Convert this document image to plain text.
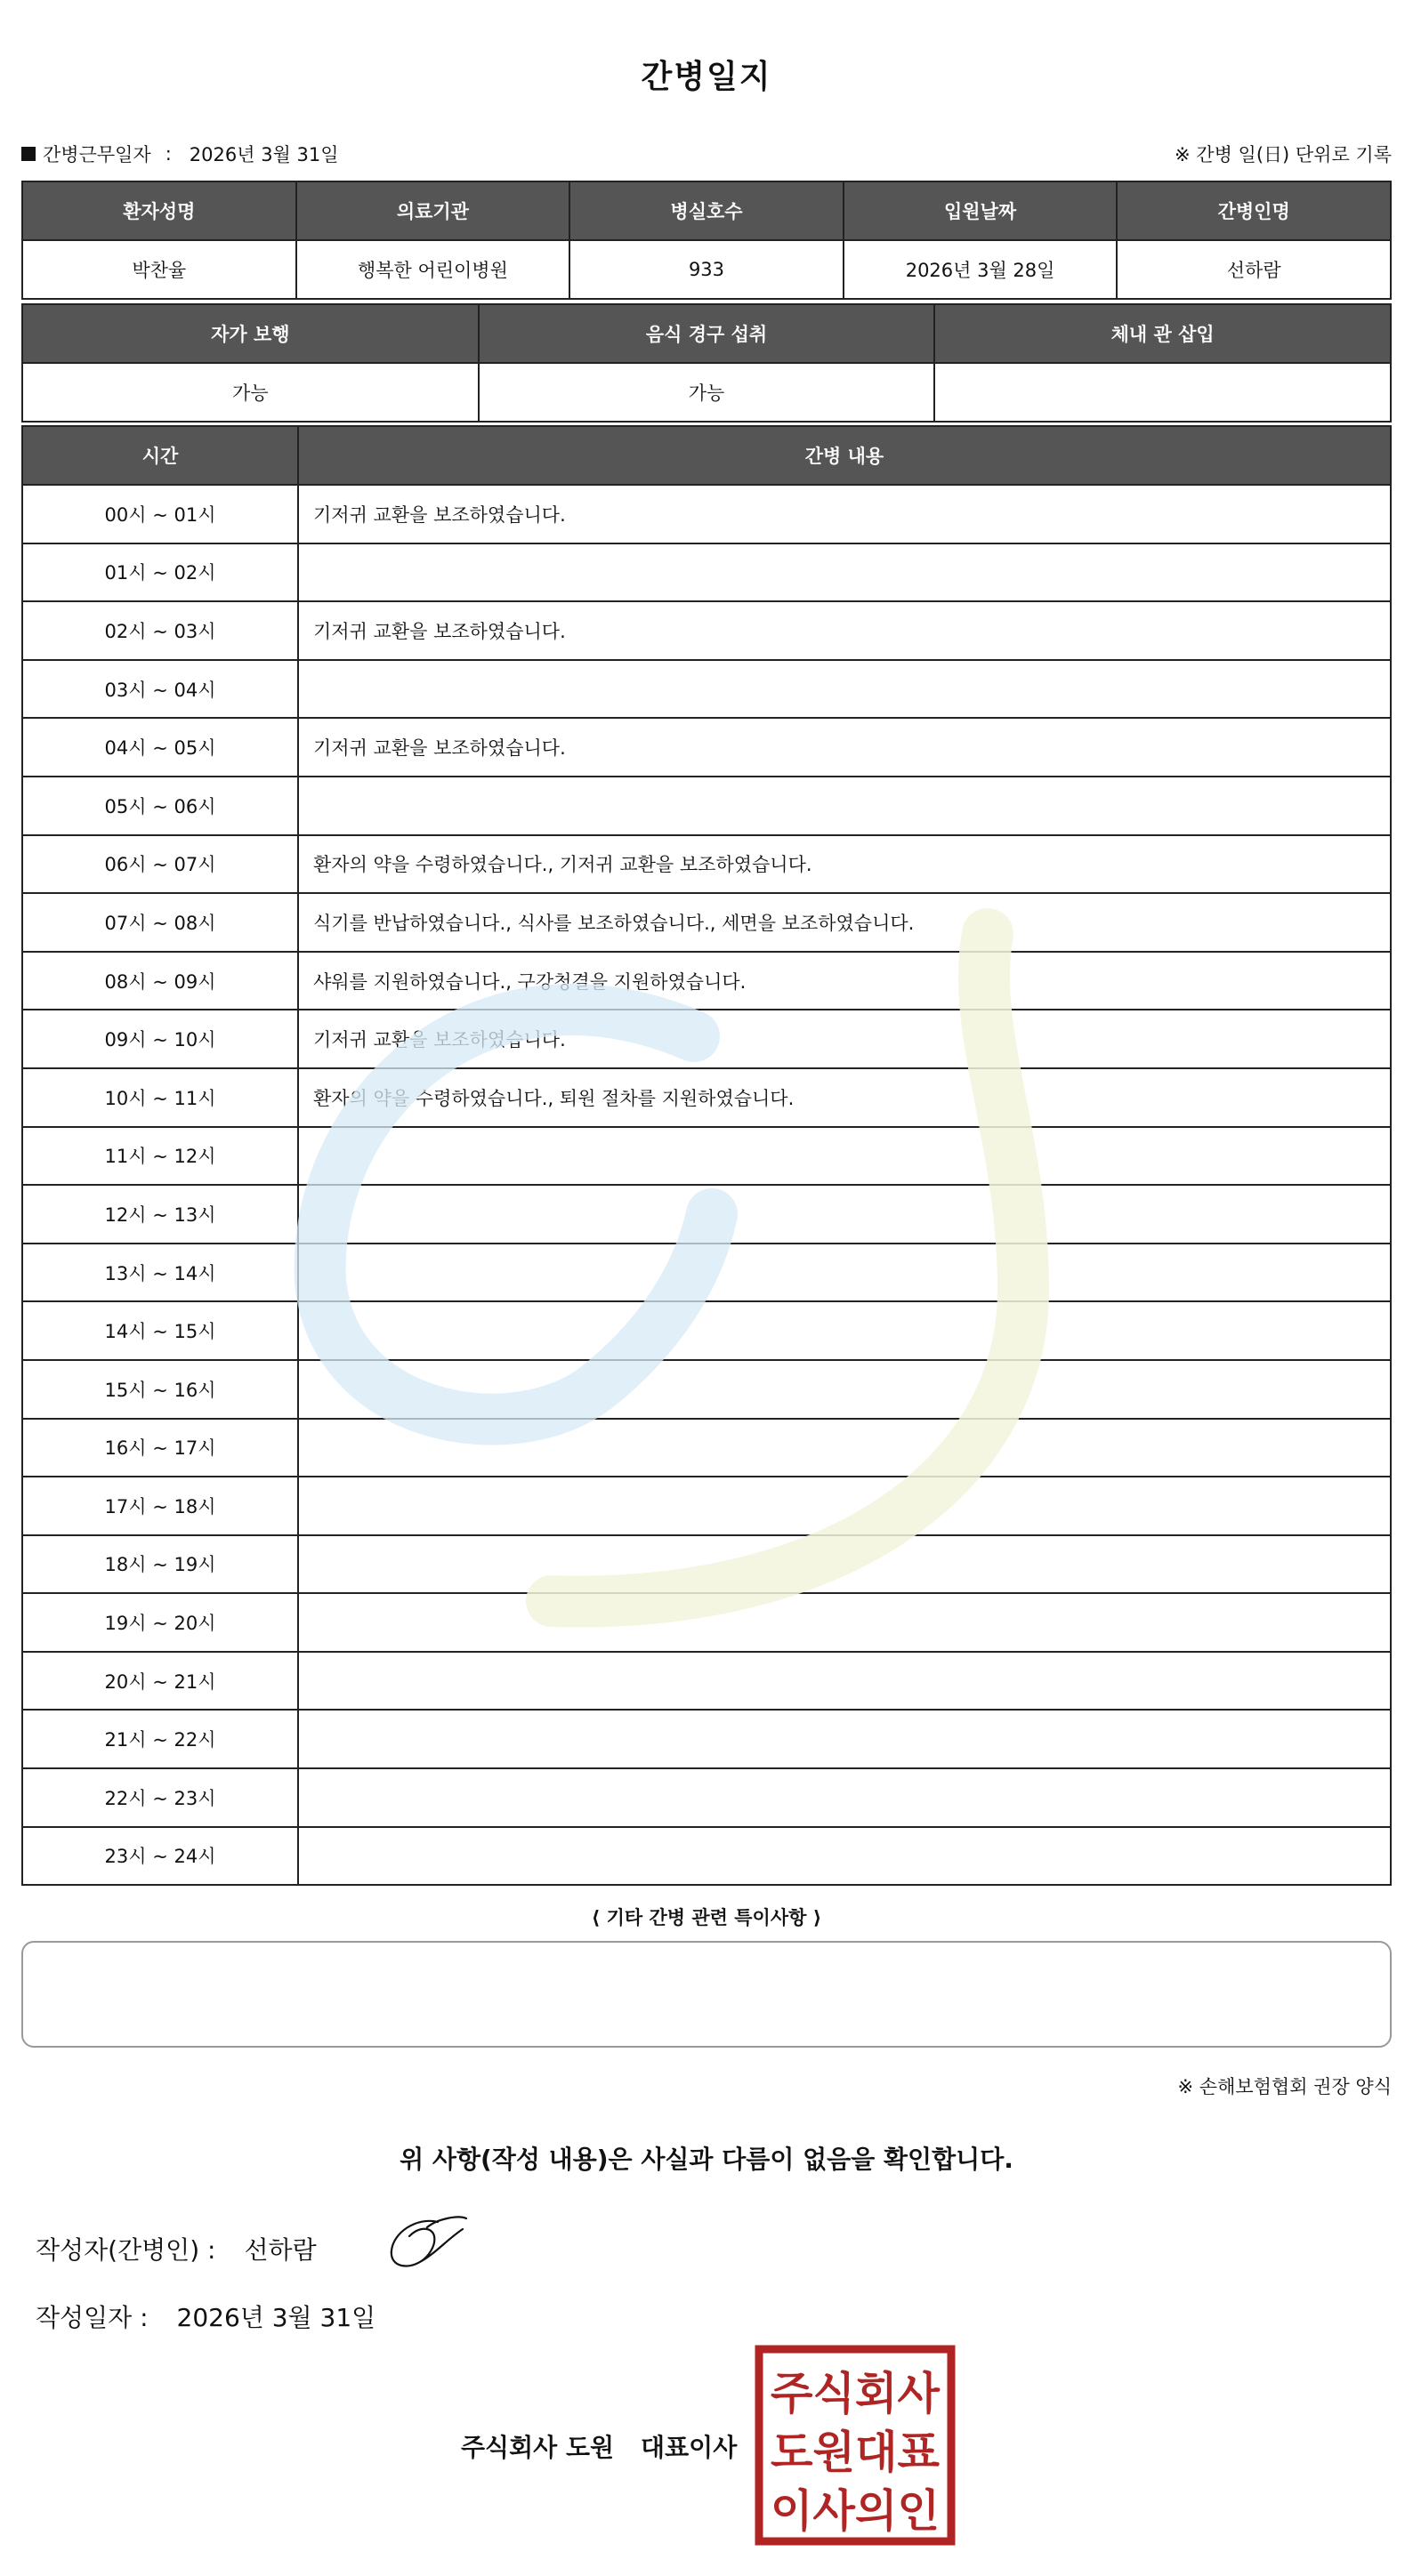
간병일지
간병근무일자 : 2026년 3월 31일	※ 간병 일(日) 단위로 기록
환자성명	의료기관	병실호수	입원날짜	간병인명
박찬율	행복한 어린이병원	933	2026년 3월 28일	선하람
자가 보행	음식 경구 섭취	체내 관 삽입
가능	가능	
시간	간병 내용
00시 ~ 01시	기저귀 교환을 보조하였습니다.
01시 ~ 02시	
02시 ~ 03시	기저귀 교환을 보조하였습니다.
03시 ~ 04시	
04시 ~ 05시	기저귀 교환을 보조하였습니다.
05시 ~ 06시	
06시 ~ 07시	환자의 약을 수령하였습니다., 기저귀 교환을 보조하였습니다.
07시 ~ 08시	식기를 반납하였습니다., 식사를 보조하였습니다., 세면을 보조하였습니다.
08시 ~ 09시	샤워를 지원하였습니다., 구강청결을 지원하였습니다.
09시 ~ 10시	기저귀 교환을 보조하였습니다.
10시 ~ 11시	환자의 약을 수령하였습니다., 퇴원 절차를 지원하였습니다.
11시 ~ 12시	
12시 ~ 13시	
13시 ~ 14시	
14시 ~ 15시	
15시 ~ 16시	
16시 ~ 17시	
17시 ~ 18시	
18시 ~ 19시	
19시 ~ 20시	
20시 ~ 21시	
21시 ~ 22시	
22시 ~ 23시	
23시 ~ 24시	
⟨ 기타 간병 관련 특이사항 ⟩
※ 손해보험협회 권장 양식
위 사항(작성 내용)은 사실과 다름이 없음을 확인합니다.
작성자(간병인) : 선하람
작성일자 : 2026년 3월 31일
주식회사 도원 대표이사
주식회사
도원대표
이사의인
